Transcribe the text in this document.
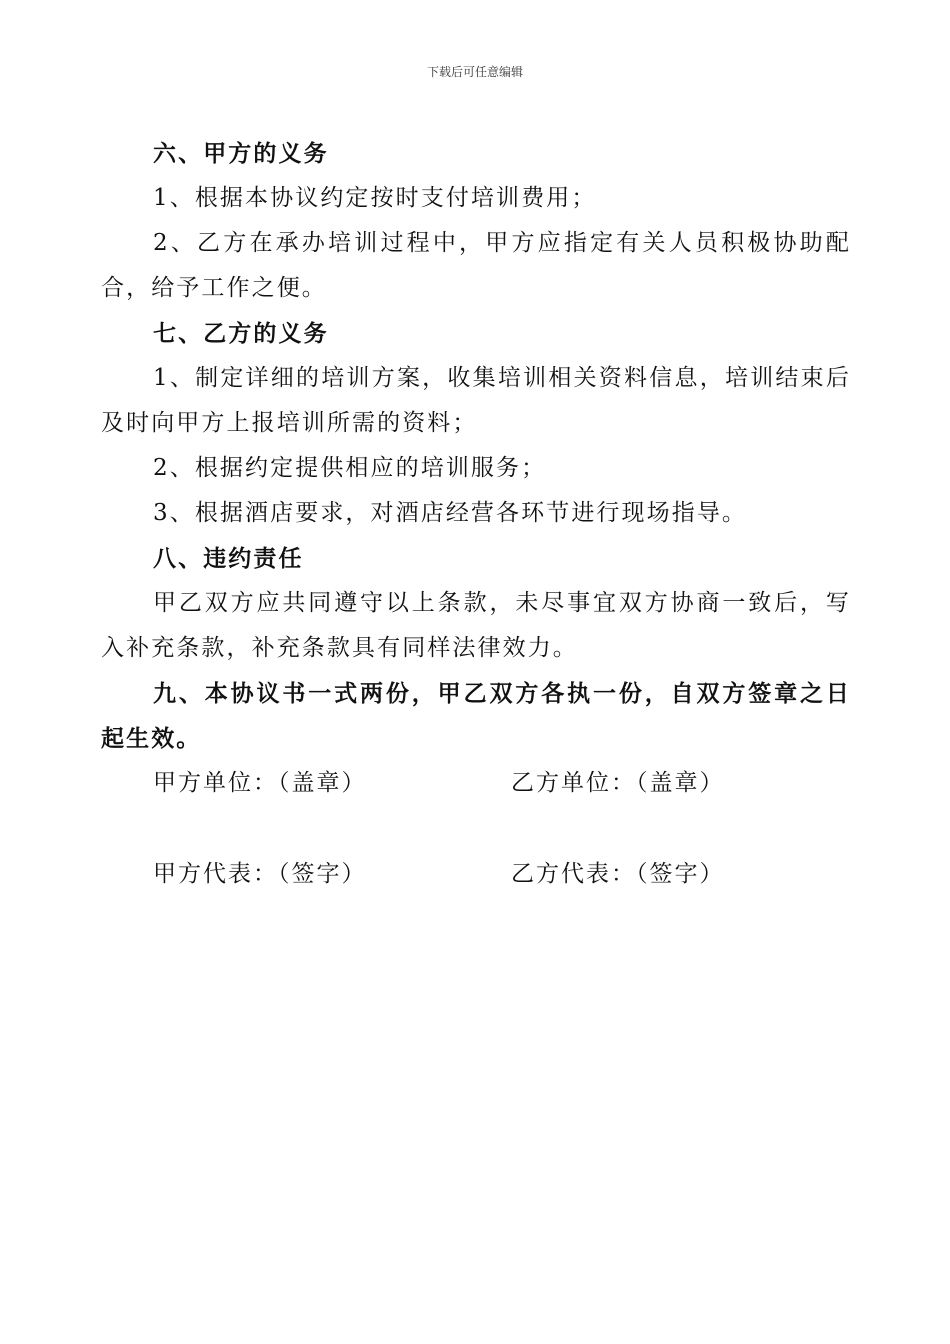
下载后可任意编辑

六、甲方的义务

1、根据本协议约定按时支付培训费用；

2、乙方在承办培训过程中，甲方应指定有关人员积极协助配合，给予工作之便。

七、乙方的义务

1、制定详细的培训方案，收集培训相关资料信息，培训结束后及时向甲方上报培训所需的资料；

2、根据约定提供相应的培训服务；

3、根据酒店要求，对酒店经营各环节进行现场指导。

八、违约责任

甲乙双方应共同遵守以上条款，未尽事宜双方协商一致后，写入补充条款，补充条款具有同样法律效力。

九、本协议书一式两份，甲乙双方各执一份，自双方签章之日起生效。

甲方单位：（盖章）	乙方单位：（盖章）
甲方代表：（签字）	乙方代表：（签字）
